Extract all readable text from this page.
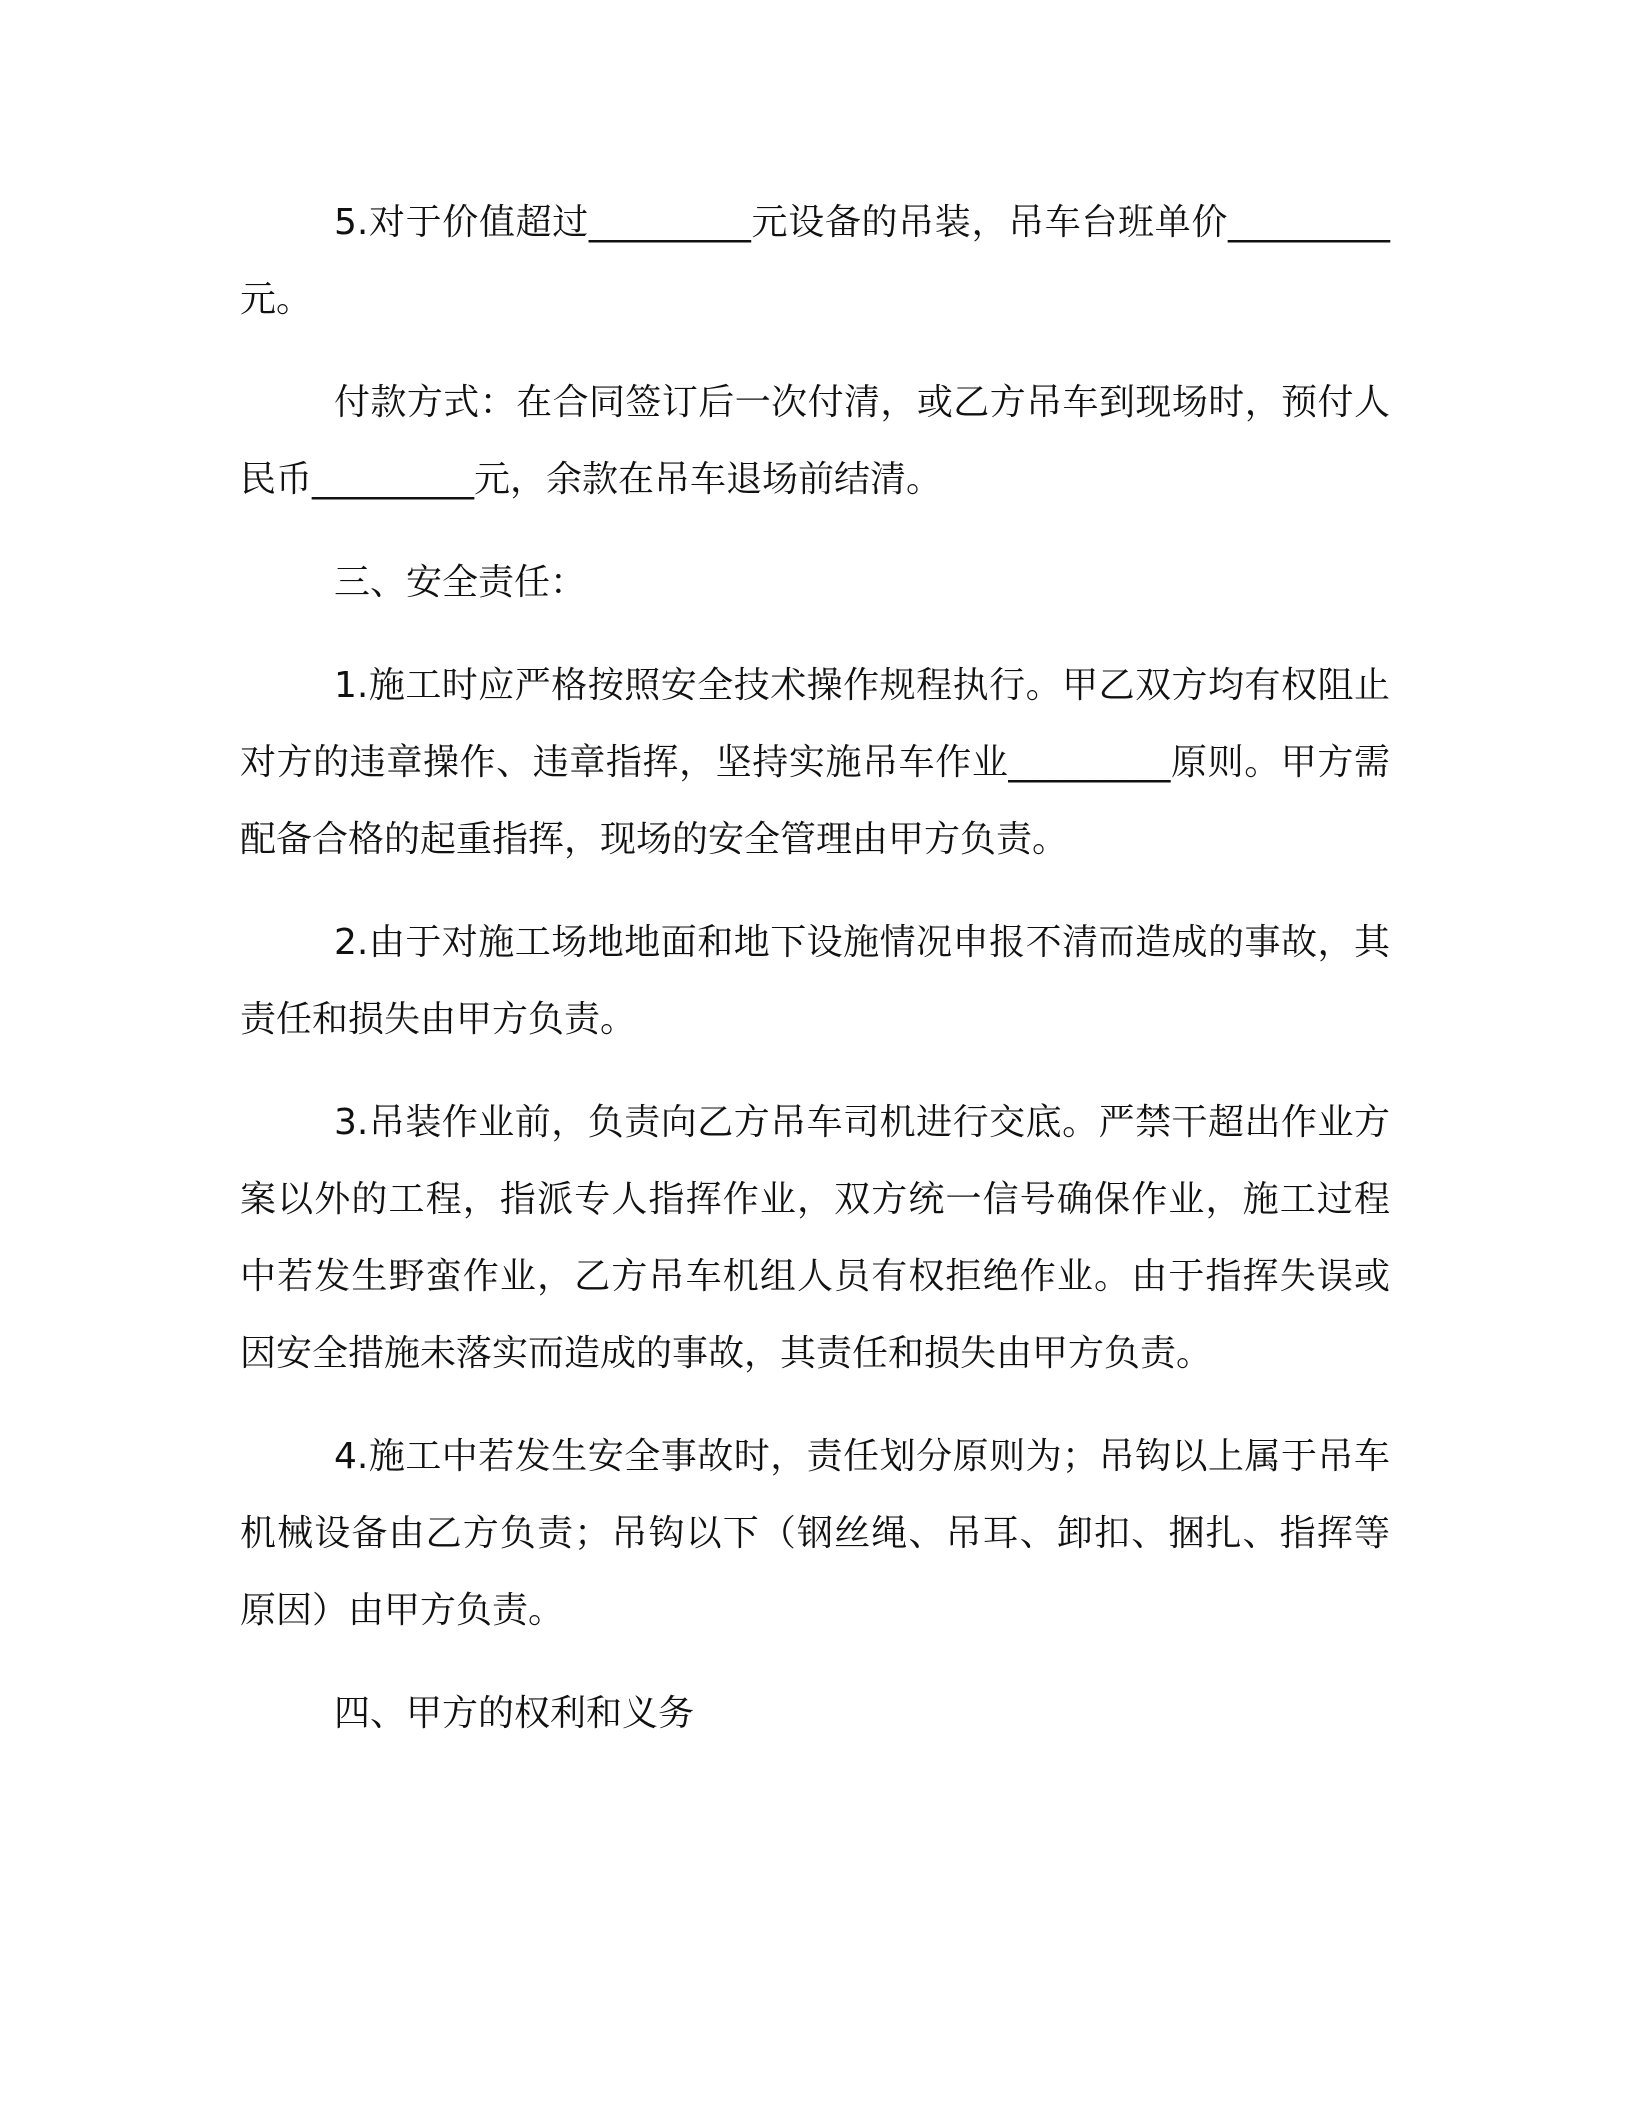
5.对于价值超过_________元设备的吊装，吊车台班单价_________元。

付款方式：在合同签订后一次付清，或乙方吊车到现场时，预付人民币_________元，余款在吊车退场前结清。

三、安全责任：

1.施工时应严格按照安全技术操作规程执行。甲乙双方均有权阻止对方的违章操作、违章指挥，坚持实施吊车作业_________原则。甲方需配备合格的起重指挥，现场的安全管理由甲方负责。

2.由于对施工场地地面和地下设施情况申报不清而造成的事故，其责任和损失由甲方负责。

3.吊装作业前，负责向乙方吊车司机进行交底。严禁干超出作业方案以外的工程，指派专人指挥作业，双方统一信号确保作业，施工过程中若发生野蛮作业，乙方吊车机组人员有权拒绝作业。由于指挥失误或因安全措施未落实而造成的事故，其责任和损失由甲方负责。

4.施工中若发生安全事故时，责任划分原则为；吊钩以上属于吊车机械设备由乙方负责；吊钩以下（钢丝绳、吊耳、卸扣、捆扎、指挥等原因）由甲方负责。

四、甲方的权利和义务
